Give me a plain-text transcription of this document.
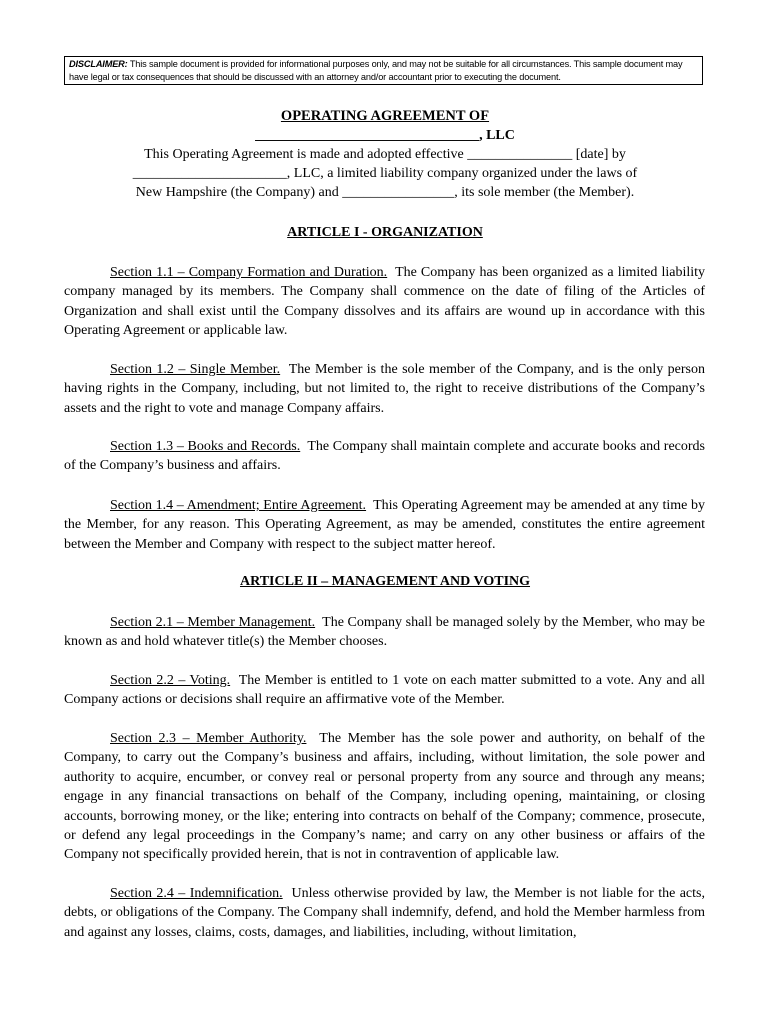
DISCLAIMER: This sample document is provided for informational purposes only, and may not be suitable for all circumstances. This sample document may have legal or tax consequences that should be discussed with an attorney and/or accountant prior to executing the document.
OPERATING AGREEMENT OF
________________________________, LLC
This Operating Agreement is made and adopted effective _______________ [date] by
______________________, LLC, a limited liability company organized under the laws of
New Hampshire (the Company) and ________________, its sole member (the Member).
ARTICLE I - ORGANIZATION

Section 1.1 – Company Formation and Duration. The Company has been organized as a limited liability company managed by its members. The Company shall commence on the date of filing of the Articles of Organization and shall exist until the Company dissolves and its affairs are wound up in accordance with this Operating Agreement or applicable law.

Section 1.2 – Single Member. The Member is the sole member of the Company, and is the only person having rights in the Company, including, but not limited to, the right to receive distributions of the Company’s assets and the right to vote and manage Company affairs.

Section 1.3 – Books and Records. The Company shall maintain complete and accurate books and records of the Company’s business and affairs.

Section 1.4 – Amendment; Entire Agreement. This Operating Agreement may be amended at any time by the Member, for any reason. This Operating Agreement, as may be amended, constitutes the entire agreement between the Member and Company with respect to the subject matter hereof.

ARTICLE II – MANAGEMENT AND VOTING

Section 2.1 – Member Management. The Company shall be managed solely by the Member, who may be known as and hold whatever title(s) the Member chooses.

Section 2.2 – Voting. The Member is entitled to 1 vote on each matter submitted to a vote. Any and all Company actions or decisions shall require an affirmative vote of the Member.

Section 2.3 – Member Authority. The Member has the sole power and authority, on behalf of the Company, to carry out the Company’s business and affairs, including, without limitation, the sole power and authority to acquire, encumber, or convey real or personal property from any source and through any means; engage in any financial transactions on behalf of the Company, including opening, maintaining, or closing accounts, borrowing money, or the like; entering into contracts on behalf of the Company; commence, prosecute, or defend any legal proceedings in the Company’s name; and carry on any other business or affairs of the Company not specifically provided herein, that is not in contravention of applicable law.

Section 2.4 – Indemnification. Unless otherwise provided by law, the Member is not liable for the acts, debts, or obligations of the Company. The Company shall indemnify, defend, and hold the Member harmless from and against any losses, claims, costs, damages, and liabilities, including, without limitation,
